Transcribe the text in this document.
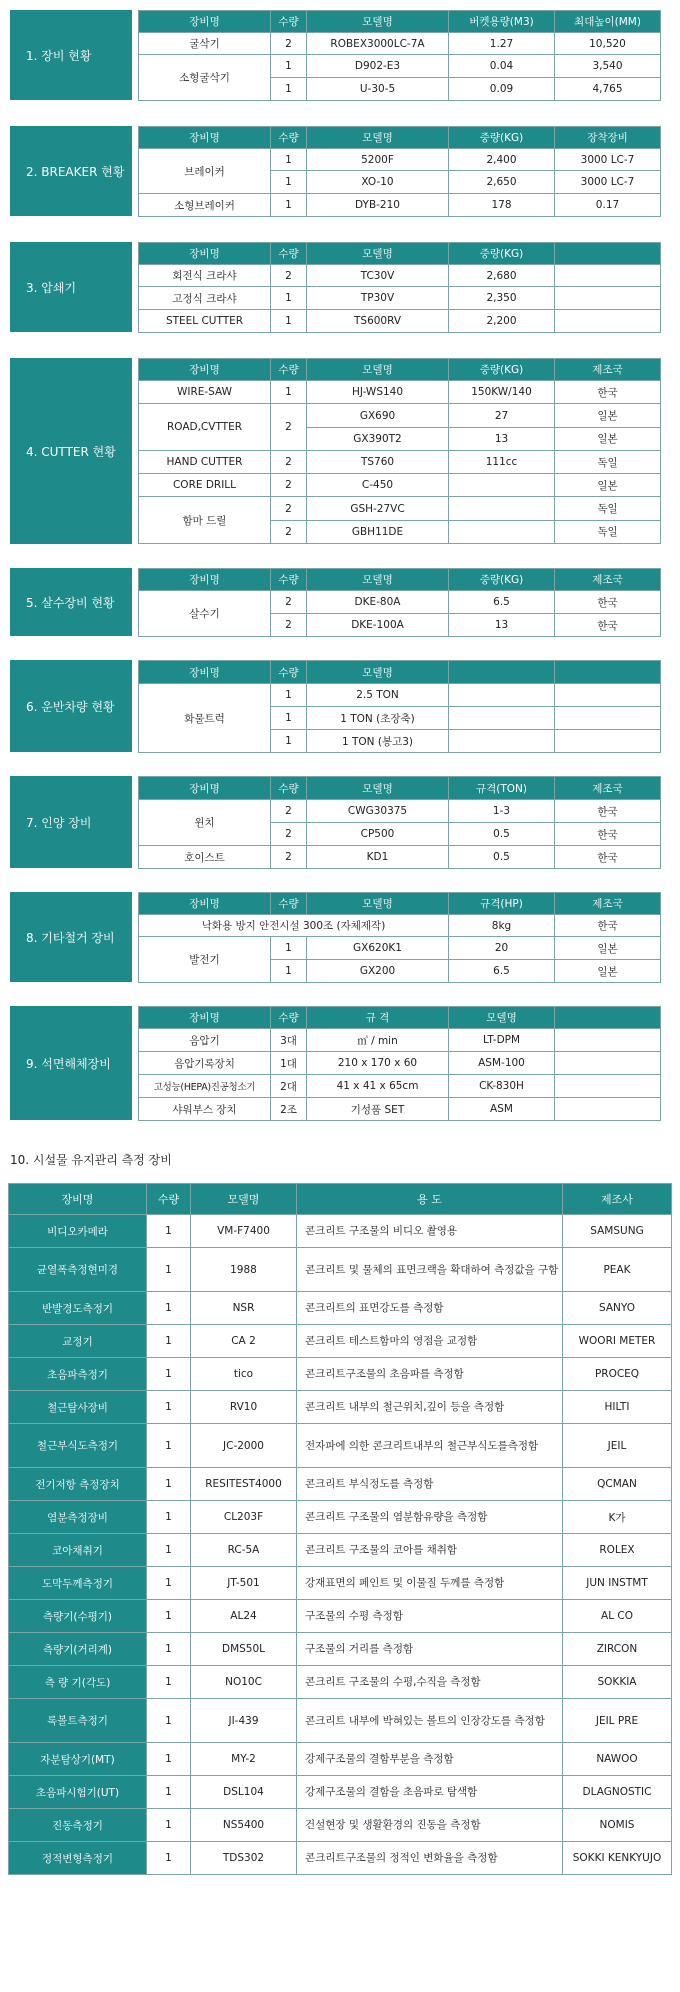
1. 장비 현황
장비명	수량	모델명	버켓용량(M3)	최대높이(MM)
굴삭기	2	ROBEX3000LC-7A	1.27	10,520
소형굴삭기	1	D902-E3	0.04	3,540
	1	U-30-5	0.09	4,765
2. BREAKER 현황
장비명	수량	모델명	중량(KG)	장착장비
브레이커	1	5200F	2,400	3000 LC-7
	1	XO-10	2,650	3000 LC-7
소형브레이커	1	DYB-210	178	0.17
3. 압쇄기
장비명	수량	모델명	중량(KG)	
회전식 크라샤	2	TC30V	2,680	
고정식 크라샤	1	TP30V	2,350	
STEEL CUTTER	1	TS600RV	2,200	
4. CUTTER 현황
장비명	수량	모델명	중량(KG)	제조국
WIRE-SAW	1	HJ-WS140	150KW/140	한국
ROAD,CVTTER	2	GX690	27	일본
		GX390T2	13	일본
HAND CUTTER	2	TS760	111cc	독일
CORE DRILL	2	C-450		일본
함마 드릴	2	GSH-27VC		독일
	2	GBH11DE		독일
5. 살수장비 현황
장비명	수량	모델명	중량(KG)	제조국
살수기	2	DKE-80A	6.5	한국
	2	DKE-100A	13	한국
6. 운반차량 현황
장비명	수량	모델명		
화물트럭	1	2.5 TON		
	1	1 TON (초장축)		
	1	1 TON (봉고3)		
7. 인양 장비
장비명	수량	모델명	규격(TON)	제조국
윈치	2	CWG30375	1-3	한국
	2	CP500	0.5	한국
호이스트	2	KD1	0.5	한국
8. 기타철거 장비
장비명	수량	모델명	규격(HP)	제조국
낙화용 방지 안전시설 300조 (자체제작)			8kg	한국
발전기	1	GX620K1	20	일본
	1	GX200	6.5	일본
9. 석면해체장비
장비명	수량	규 격	모델명	
음압기	3대	㎥ / min	LT-DPM	
음압기록장치	1대	210 x 170 x 60	ASM-100	
고성능(HEPA)진공청소기	2대	41 x 41 x 65cm	CK-830H	
샤워부스 장치	2조	기성품 SET	ASM	
10. 시설물 유지관리 측정 장비
장비명	수량	모델명	용 도	제조사
비디오카메라	1	VM-F7400	콘크리트 구조물의 비디오 촬영용	SAMSUNG
균열폭측정현미경	1	1988	콘크리트 및 물체의 표면크랙을 확대하여 측정값을 구함	PEAK
반발경도측정기	1	NSR	콘크리트의 표면강도를 측정함	SANYO
교정기	1	CA 2	콘크리트 테스트함마의 영점을 교정함	WOORI METER
초음파측정기	1	tico	콘크리트구조물의 초음파를 측정함	PROCEQ
철근탐사장비	1	RV10	콘크리트 내부의 철근위치,깊이 등을 측정함	HILTI
철근부식도측정기	1	JC-2000	전자파에 의한 콘크리트내부의 철근부식도를측정함	JEIL
전기저항 측정장치	1	RESITEST4000	콘크리트 부식정도를 측정함	QCMAN
염분측정장비	1	CL203F	콘크리트 구조물의 염분함유량을 측정함	K가
코아채취기	1	RC-5A	콘크리트 구조물의 코아를 채취함	ROLEX
도막두께측정기	1	JT-501	강재표면의 페인트 및 이물질 두께를 측정함	JUN INSTMT
측량기(수평기)	1	AL24	구조물의 수평 측정함	AL CO
측량기(거리계)	1	DMS50L	구조물의 거리를 측정함	ZIRCON
측 량 기(각도)	1	NO10C	콘크리트 구조물의 수평,수직을 측정함	SOKKIA
록볼트측정기	1	JI-439	콘크리트 내부에 박혀있는 볼트의 인장강도를 측정함	JEIL PRE
자분탐상기(MT)	1	MY-2	강제구조물의 결함부분을 측정함	NAWOO
초음파시험기(UT)	1	DSL104	강제구조물의 결함을 초음파로 탐색함	DLAGNOSTIC
진동측정기	1	NS5400	건설현장 및 생활환경의 진동을 측정함	NOMIS
정적변형측정기	1	TDS302	콘크리트구조물의 정적인 변화율을 측정함	SOKKI KENKYUJO
